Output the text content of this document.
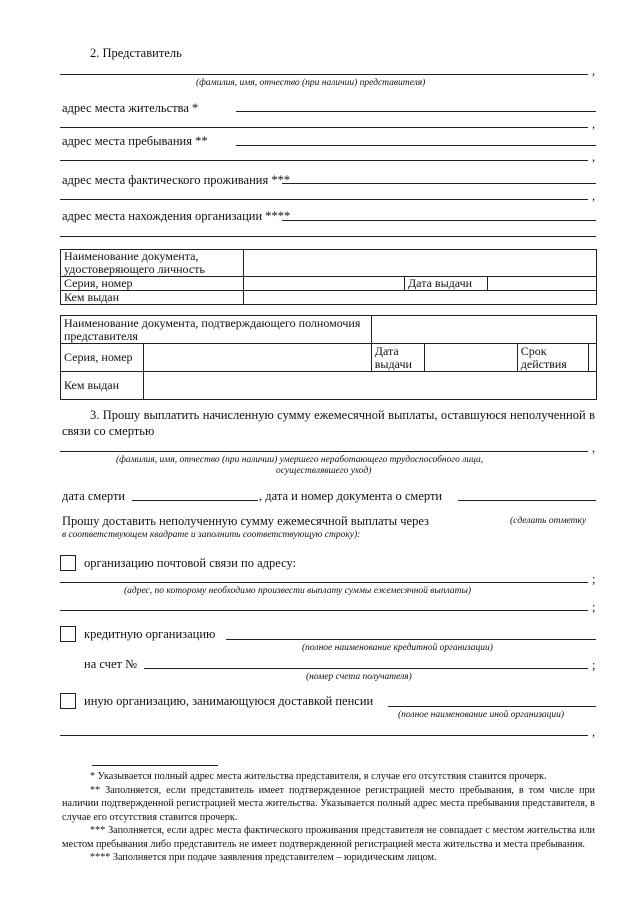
2. Представитель
,
(фамилия, имя, отчество (при наличии) представителя)
адрес места жительства *
,
адрес места пребывания **
,
адрес места фактического проживания ***
,
адрес места нахождения организации ****
Наименование документа, удостоверяющего личность			
Серия, номер		Дата выдачи	
Кем выдан			
Наименование документа, подтверждающего полномочия представителя					
Серия, номер		Дата выдачи		Срок действия	
Кем выдан					
3. Прошу выплатить начисленную сумму ежемесячной выплаты, оставшуюся неполученной в связи со смертью
,
(фамилия, имя, отчество (при наличии) умершего неработающего трудоспособного лица,
осуществлявшего уход)
дата смерти	, дата и номер документа о смерти
Прошу доставить неполученную сумму ежемесячной выплаты через	(сделать отметку
в соответствующем квадрате и заполнить соответствующую строку):
организацию почтовой связи по адресу:
;
(адрес, по которому необходимо произвести выплату суммы ежемесячной выплаты)
;
кредитную организацию
(полное наименование кредитной организации)
на счет №	;
(номер счета получателя)
иную организацию, занимающуюся доставкой пенсии
(полное наименование иной организации)
,
* Указывается полный адрес места жительства представителя, в случае его отсутствия ставится прочерк.
** Заполняется, если представитель имеет подтвержденное регистрацией место пребывания, в том числе при наличии подтвержденной регистрацией места жительства. Указывается полный адрес места пребывания представителя, в случае его отсутствия ставится прочерк.
*** Заполняется, если адрес места фактического проживания представителя не совпадает с местом жительства или местом пребывания либо представитель не имеет подтвержденной регистрацией места жительства и места пребывания.
**** Заполняется при подаче заявления представителем – юридическим лицом.
